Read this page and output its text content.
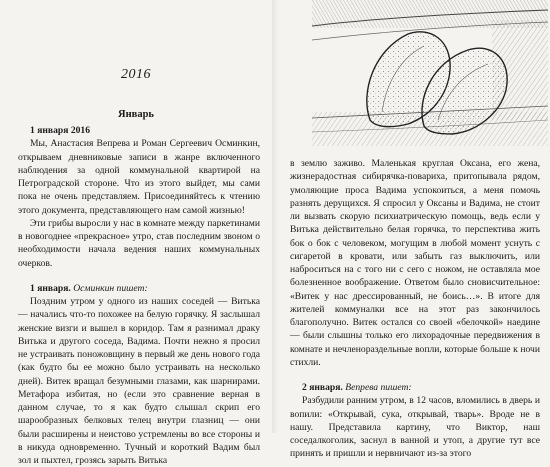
2016
Январь
1 января 2016

Мы, Анастасия Вепрева и Роман Сергеевич Осминкин, открываем дневниковые записи в жанре включенного наблюдения за одной коммунальной квартирой на Петроградской стороне. Что из этого выйдет, мы сами пока не очень представляем. Присоединяйтесь к чтению этого документа, представляющего нам самой жизнью!

Эти грибы выросли у нас в комнате между паркетинами в новогоднее «прекрасное» утро, став последним звоном о необходимости начала ведения наших коммунальных очерков.

1 января. Осминкин пишет:

Поздним утром у одного из наших соседей — Витька — начались что-то похожее на белую горячку. Я заслышал женские визги и вышел в коридор. Там я разнимал драку Витька и другого соседа, Вадима. Почти нежно я просил не устраивать поножовщину в первый же день нового года (как будто бы ее можно было устраивать на несколько дней). Витек вращал безумными глазами, как шарнирами. Метафора избитая, но (если это сравнение верная в данном случае, то я как будто слышал скрип его шарообразных белковых телец внутри глазниц — они были расширены и неистово устремлены во все стороны и в никуда одновременно. Тучный и короткий Вадим был зол и пыхтел, грозясь зарыть Витька

в землю заживо. Маленькая круглая Оксана, его жена, жизнерадостная сибирячка-повариха, притопывала рядом, умоляющие проса Вадима успокоиться, а меня помочь разнять дерущихся. Я спросил у Оксаны и Вадима, не стоит ли вызвать скорую психиатрическую помощь, ведь если у Витька действительно белая горячка, то перспектива жить бок о бок с человеком, могущим в любой момент уснуть с сигаретой в кровати, или забыть газ выключить, или наброситься на с того ни с сего с ножом, не оставляла мое болезненное воображение. Ответом было сновисчительное: «Витек у нас дрессированный, не боись…». В итоге для жителей коммуналки все на этот раз закончилось благополучно. Витек остался со своей «белочкой» наедине — были слышны только его лихорадочные передвижения в комнате и нечленораздельные вопли, которые больше к ночи стихли.

2 января. Вепрева пишет:

Разбудили ранним утром, в 12 часов, вломились в дверь и вопили: «Открывай, сука, открывай, тварь». Вроде не в нашу. Представила картину, что Виктор, наш соседалкоголик, заснул в ванной и утоп, а другие тут все принять и пришли и нервничают из-за этого
